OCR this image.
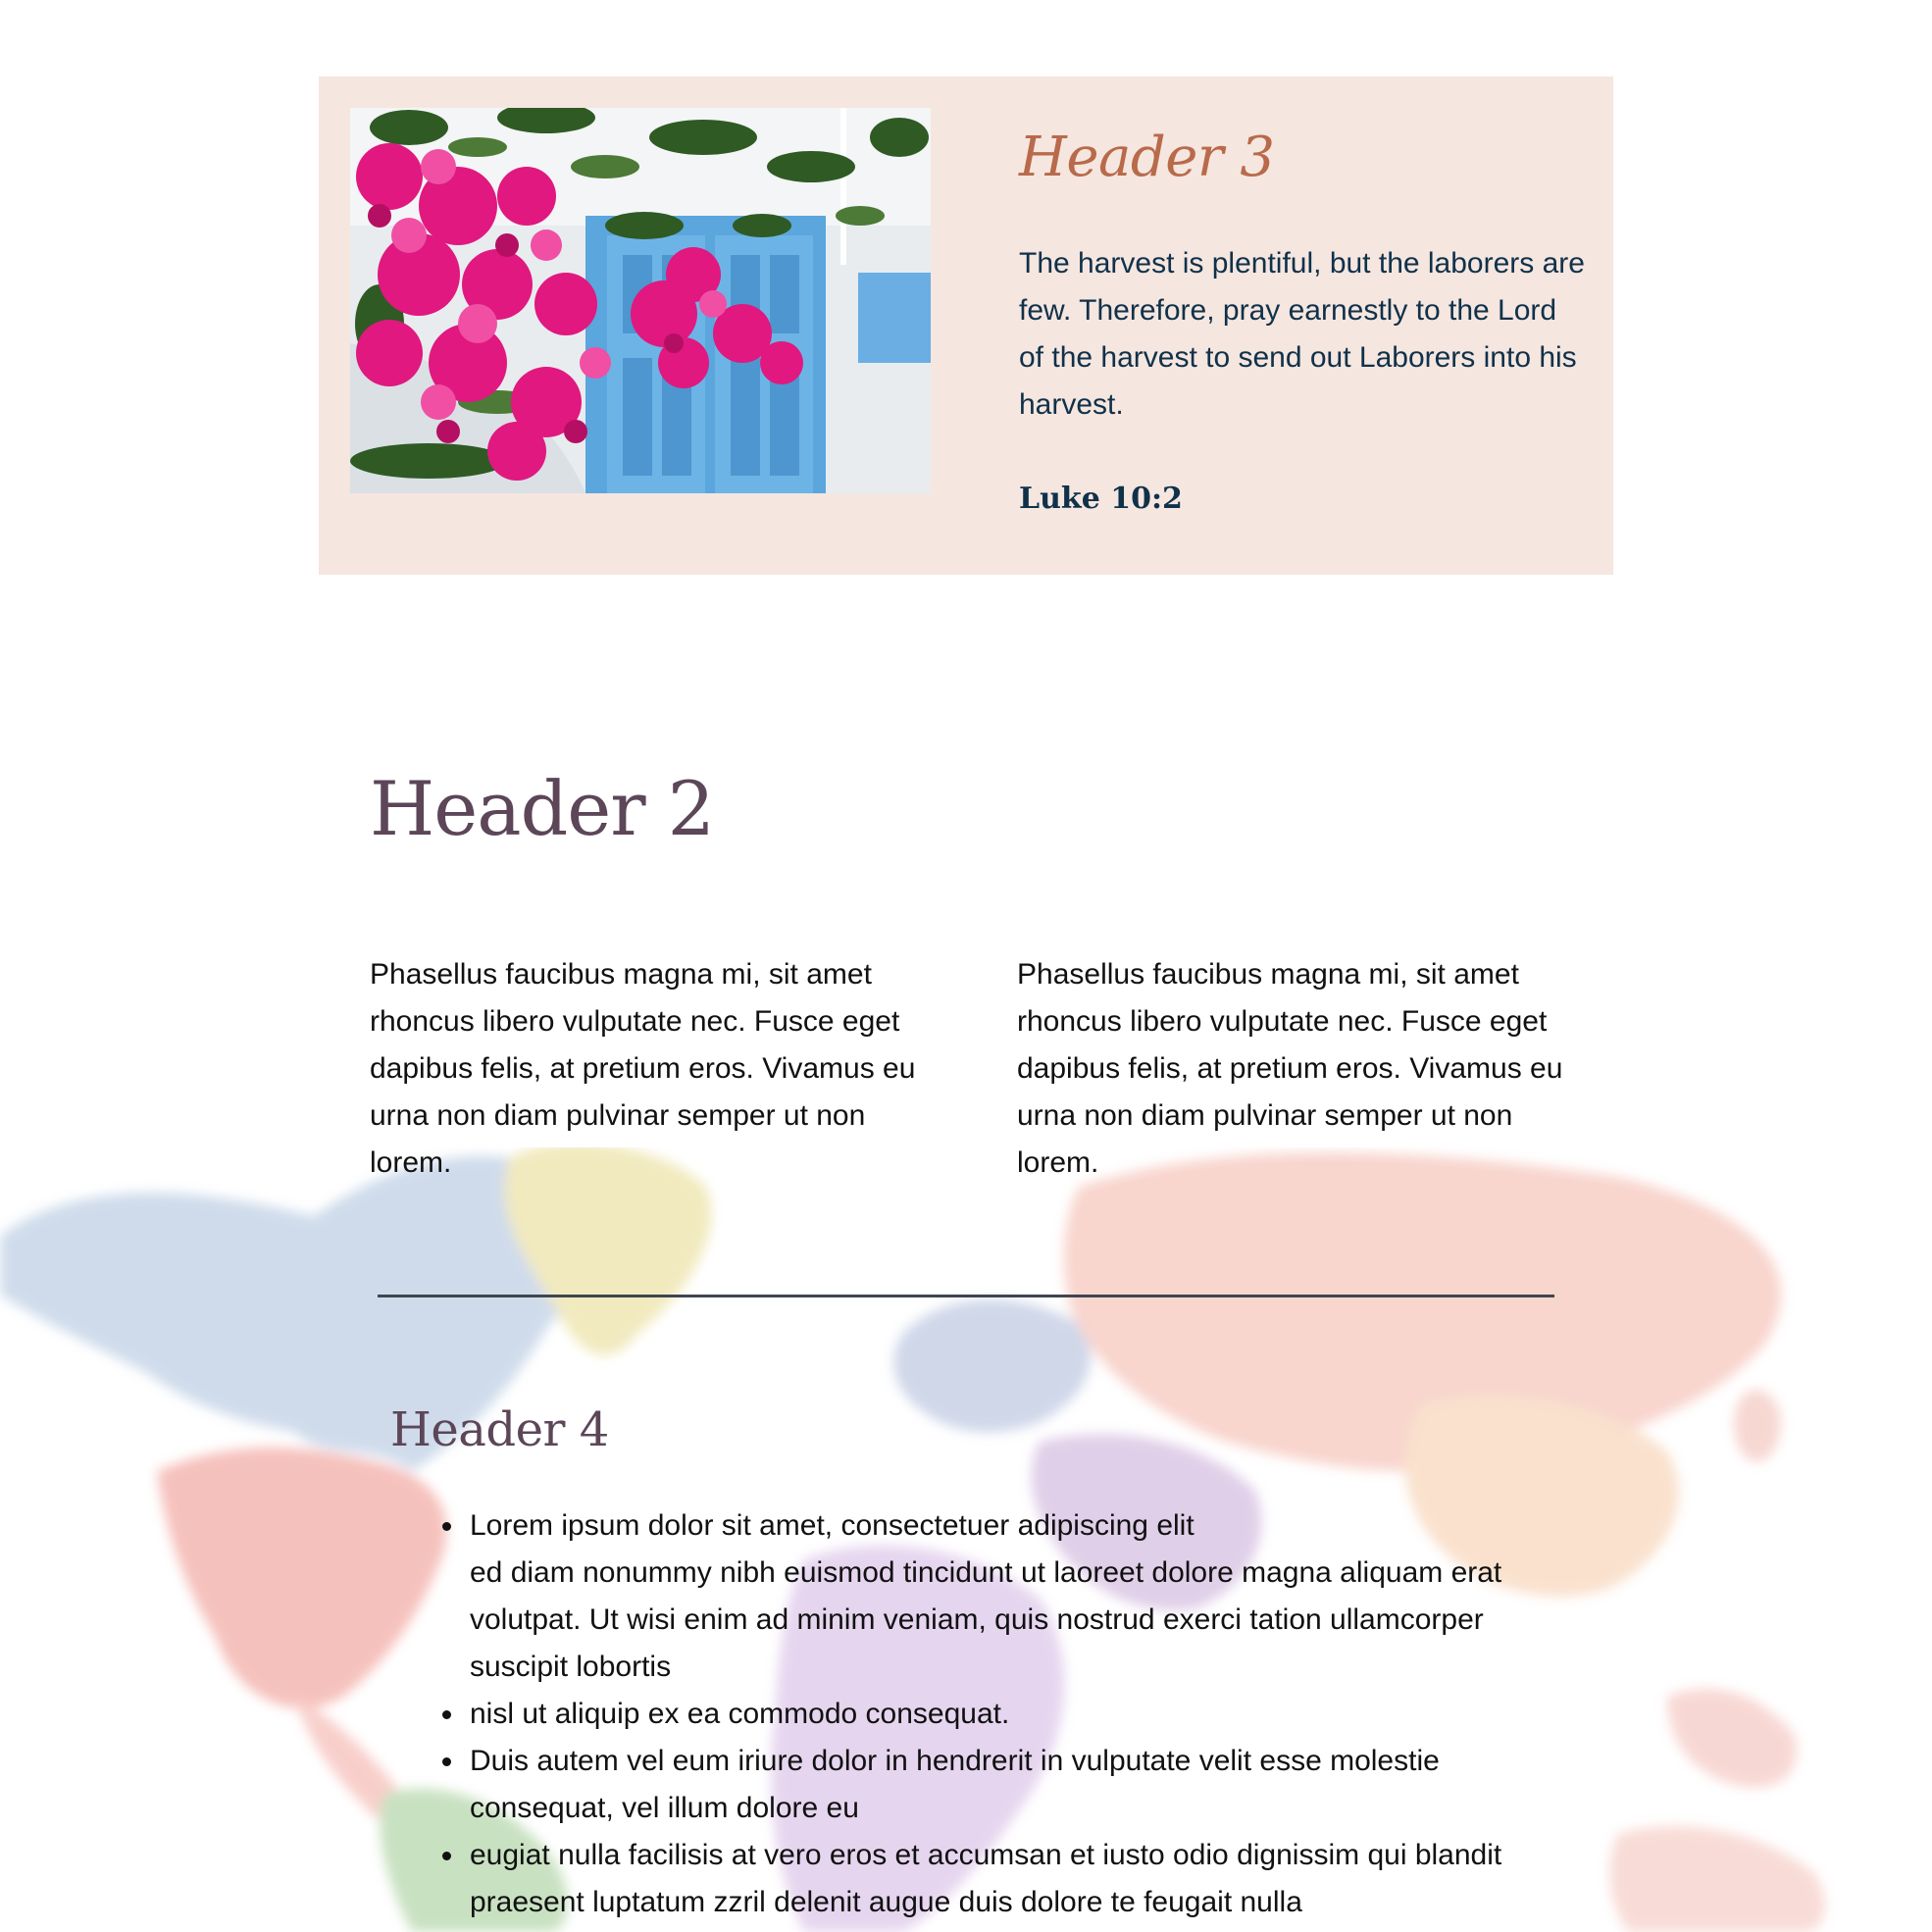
Header 3

The harvest is plentiful, but the laborers are few. Therefore, pray earnestly to the Lord of the harvest to send out Laborers into his harvest.

Luke 10:2

Header 2

Phasellus faucibus magna mi, sit amet rhoncus libero vulputate nec. Fusce eget dapibus felis, at pretium eros. Vivamus eu urna non diam pulvinar semper ut non lorem.

Phasellus faucibus magna mi, sit amet rhoncus libero vulputate nec. Fusce eget dapibus felis, at pretium eros. Vivamus eu urna non diam pulvinar semper ut non lorem.

Header 4
Lorem ipsum dolor sit amet, consectetuer adipiscing elit
ed diam nonummy nibh euismod tincidunt ut laoreet dolore magna aliquam erat volutpat. Ut wisi enim ad minim veniam, quis nostrud exerci tation ullamcorper suscipit lobortis
nisl ut aliquip ex ea commodo consequat.
Duis autem vel eum iriure dolor in hendrerit in vulputate velit esse molestie consequat, vel illum dolore eu
eugiat nulla facilisis at vero eros et accumsan et iusto odio dignissim qui blandit praesent luptatum zzril delenit augue duis dolore te feugait nulla
